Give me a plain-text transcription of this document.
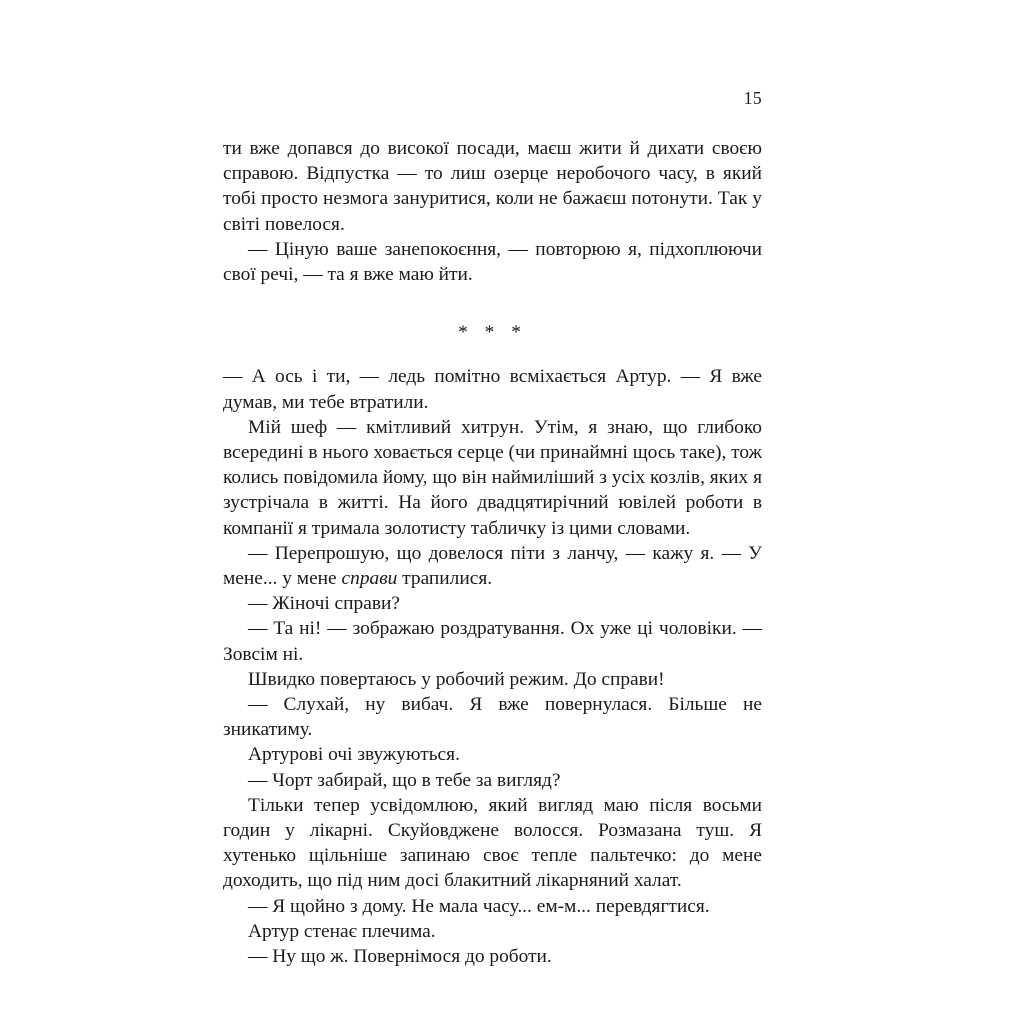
15

ти вже допався до високої посади, маєш жити й дихати своєю справою. Відпустка — то лиш озерце неробочого часу, в який тобі просто незмога зануритися, коли не бажаєш потонути. Так у світі повелося.

— Ціную ваше занепокоєння, — повторюю я, підхоплюючи свої речі, — та я вже маю йти.

* * *

— А ось і ти, — ледь помітно всміхається Артур. — Я вже думав, ми тебе втратили.

Мій шеф — кмітливий хитрун. Утім, я знаю, що глибоко всередині в нього ховається серце (чи принаймні щось таке), тож колись повідомила йому, що він наймиліший з усіх козлів, яких я зустрічала в житті. На його двадцятирічний ювілей роботи в компанії я тримала золотисту табличку із цими словами.

— Перепрошую, що довелося піти з ланчу, — кажу я. — У мене... у мене справи трапилися.

— Жіночі справи?

— Та ні! — зображаю роздратування. Ох уже ці чоловіки. — Зовсім ні.

Швидко повертаюсь у робочий режим. До справи!

— Слухай, ну вибач. Я вже повернулася. Більше не зникатиму.

Артурові очі звужуються.

— Чорт забирай, що в тебе за вигляд?

Тільки тепер усвідомлюю, який вигляд маю після восьми годин у лікарні. Скуйовджене волосся. Розмазана туш. Я хутенько щільніше запинаю своє тепле пальтечко: до мене доходить, що під ним досі блакитний лікарняний халат.

— Я щойно з дому. Не мала часу... ем-м... перевдягтися.

Артур стенає плечима.

— Ну що ж. Повернімося до роботи.
